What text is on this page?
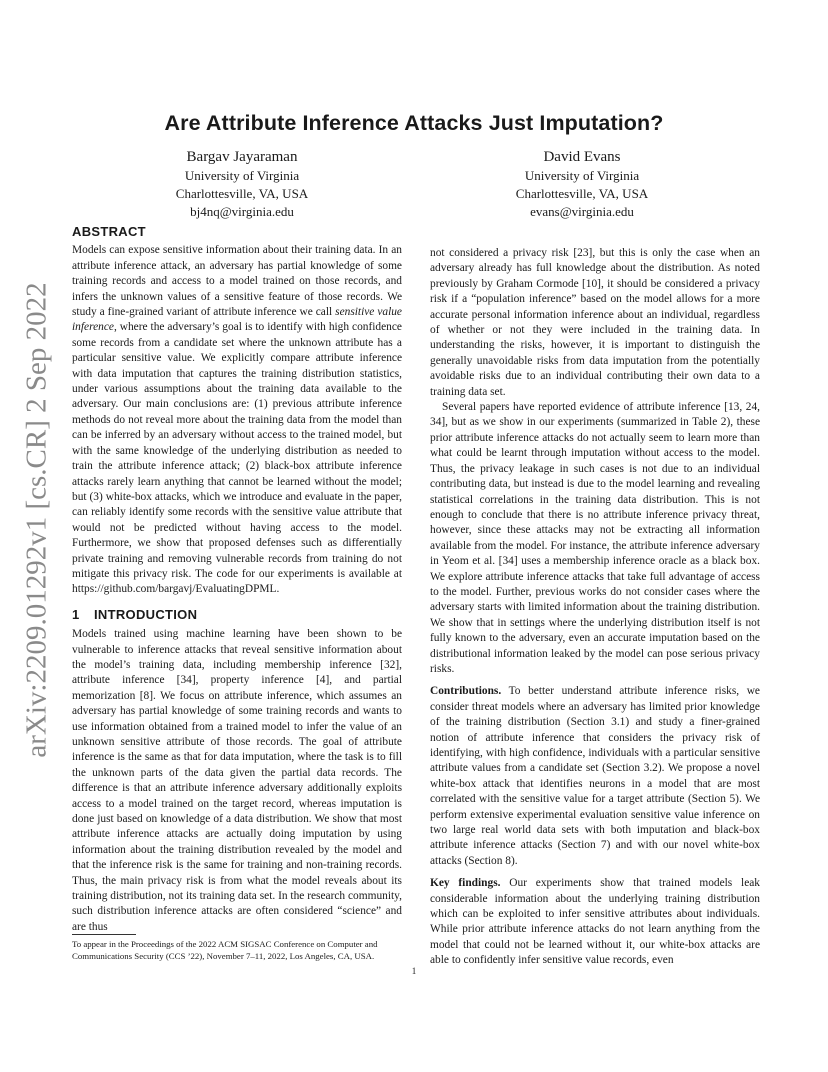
arXiv:2209.01292v1 [cs.CR] 2 Sep 2022
Are Attribute Inference Attacks Just Imputation?
Bargav Jayaraman
University of Virginia
Charlottesville, VA, USA
bj4nq@virginia.edu
David Evans
University of Virginia
Charlottesville, VA, USA
evans@virginia.edu
ABSTRACT

Models can expose sensitive information about their training data. In an attribute inference attack, an adversary has partial knowledge of some training records and access to a model trained on those records, and infers the unknown values of a sensitive feature of those records. We study a fine-grained variant of attribute inference we call sensitive value inference, where the adversary’s goal is to identify with high confidence some records from a candidate set where the unknown attribute has a particular sensitive value. We explicitly compare attribute inference with data imputation that captures the training distribution statistics, under various assumptions about the training data available to the adversary. Our main conclusions are: (1) previous attribute inference methods do not reveal more about the training data from the model than can be inferred by an adversary without access to the trained model, but with the same knowledge of the underlying distribution as needed to train the attribute inference attack; (2) black-box attribute inference attacks rarely learn anything that cannot be learned without the model; but (3) white-box attacks, which we introduce and evaluate in the paper, can reliably identify some records with the sensitive value attribute that would not be predicted without having access to the model. Furthermore, we show that proposed defenses such as differentially private training and removing vulnerable records from training do not mitigate this privacy risk. The code for our experiments is available at https://github.com/bargavj/EvaluatingDPML.

1 INTRODUCTION

Models trained using machine learning have been shown to be vulnerable to inference attacks that reveal sensitive information about the model’s training data, including membership inference [32], attribute inference [34], property inference [4], and partial memorization [8]. We focus on attribute inference, which assumes an adversary has partial knowledge of some training records and wants to use information obtained from a trained model to infer the value of an unknown sensitive attribute of those records. The goal of attribute inference is the same as that for data imputation, where the task is to fill the unknown parts of the data given the partial data records. The difference is that an attribute inference adversary additionally exploits access to a model trained on the target record, whereas imputation is done just based on knowledge of a data distribution. We show that most attribute inference attacks are actually doing imputation by using information about the training distribution revealed by the model and that the inference risk is the same for training and non-training records. Thus, the main privacy risk is from what the model reveals about its training distribution, not its training data set. In the research community, such distribution inference attacks are often considered “science” and are thus

not considered a privacy risk [23], but this is only the case when an adversary already has full knowledge about the distribution. As noted previously by Graham Cormode [10], it should be considered a privacy risk if a “population inference” based on the model allows for a more accurate personal information inference about an individual, regardless of whether or not they were included in the training data. In understanding the risks, however, it is important to distinguish the generally unavoidable risks from data imputation from the potentially avoidable risks due to an individual contributing their own data to a training data set.

Several papers have reported evidence of attribute inference [13, 24, 34], but as we show in our experiments (summarized in Table 2), these prior attribute inference attacks do not actually seem to learn more than what could be learnt through imputation without access to the model. Thus, the privacy leakage in such cases is not due to an individual contributing data, but instead is due to the model learning and revealing statistical correlations in the training data distribution. This is not enough to conclude that there is no attribute inference privacy threat, however, since these attacks may not be extracting all information available from the model. For instance, the attribute inference adversary in Yeom et al. [34] uses a membership inference oracle as a black box. We explore attribute inference attacks that take full advantage of access to the model. Further, previous works do not consider cases where the adversary starts with limited information about the training distribution. We show that in settings where the underlying distribution itself is not fully known to the adversary, even an accurate imputation based on the distributional information leaked by the model can pose serious privacy risks.

Contributions. To better understand attribute inference risks, we consider threat models where an adversary has limited prior knowledge of the training distribution (Section 3.1) and study a finer-grained notion of attribute inference that considers the privacy risk of identifying, with high confidence, individuals with a particular sensitive attribute values from a candidate set (Section 3.2). We propose a novel white-box attack that identifies neurons in a model that are most correlated with the sensitive value for a target attribute (Section 5). We perform extensive experimental evaluation sensitive value inference on two large real world data sets with both imputation and black-box attribute inference attacks (Section 7) and with our novel white-box attacks (Section 8).

Key findings. Our experiments show that trained models leak considerable information about the underlying training distribution which can be exploited to infer sensitive attributes about individuals. While prior attribute inference attacks do not learn anything from the model that could not be learned without it, our white-box attacks are able to confidently infer sensitive value records, even

To appear in the Proceedings of the 2022 ACM SIGSAC Conference on Computer and Communications Security (CCS ’22), November 7–11, 2022, Los Angeles, CA, USA.
1
